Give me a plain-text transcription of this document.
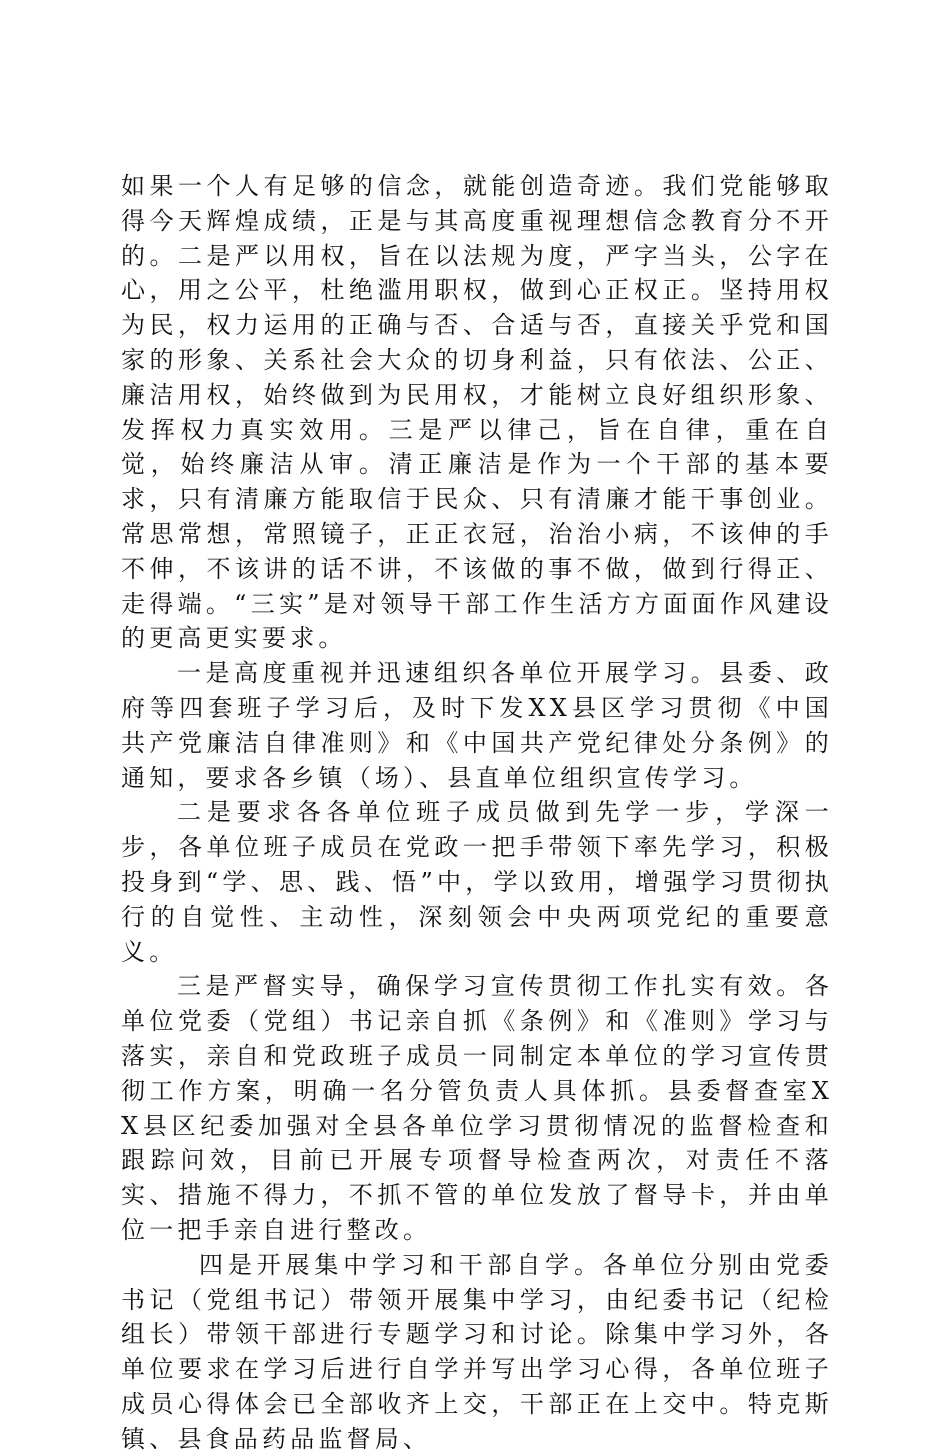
如果一个人有足够的信念，就能创造奇迹。我们党能够取得今天辉煌成绩，正是与其高度重视理想信念教育分不开的。二是严以用权，旨在以法规为度，严字当头，公字在心，用之公平，杜绝滥用职权，做到心正权正。坚持用权为民，权力运用的正确与否、合适与否，直接关乎党和国家的形象、关系社会大众的切身利益，只有依法、公正、廉洁用权，始终做到为民用权，才能树立良好组织形象、发挥权力真实效用。三是严以律己，旨在自律，重在自觉，始终廉洁从审。清正廉洁是作为一个干部的基本要求，只有清廉方能取信于民众、只有清廉才能干事创业。常思常想，常照镜子，正正衣冠，治治小病，不该伸的手不伸，不该讲的话不讲，不该做的事不做，做到行得正、走得端。“三实”是对领导干部工作生活方方面面作风建设的更高更实要求。

一是高度重视并迅速组织各单位开展学习。县委、政府等四套班子学习后，及时下发XX县区学习贯彻《中国共产党廉洁自律准则》和《中国共产党纪律处分条例》的通知，要求各乡镇（场）、县直单位组织宣传学习。

二是要求各各单位班子成员做到先学一步，学深一步，各单位班子成员在党政一把手带领下率先学习，积极投身到“学、思、践、悟”中，学以致用，增强学习贯彻执行的自觉性、主动性，深刻领会中央两项党纪的重要意义。

三是严督实导，确保学习宣传贯彻工作扎实有效。各单位党委（党组）书记亲自抓《条例》和《准则》学习与落实，亲自和党政班子成员一同制定本单位的学习宣传贯彻工作方案，明确一名分管负责人具体抓。县委督查室XX县区纪委加强对全县各单位学习贯彻情况的监督检查和跟踪问效，目前已开展专项督导检查两次，对责任不落实、措施不得力，不抓不管的单位发放了督导卡，并由单位一把手亲自进行整改。

四是开展集中学习和干部自学。各单位分别由党委书记（党组书记）带领开展集中学习，由纪委书记（纪检组长）带领干部进行专题学习和讨论。除集中学习外，各单位要求在学习后进行自学并写出学习心得，各单位班子成员心得体会已全部收齐上交，干部正在上交中。特克斯镇、县食品药品监督局、
